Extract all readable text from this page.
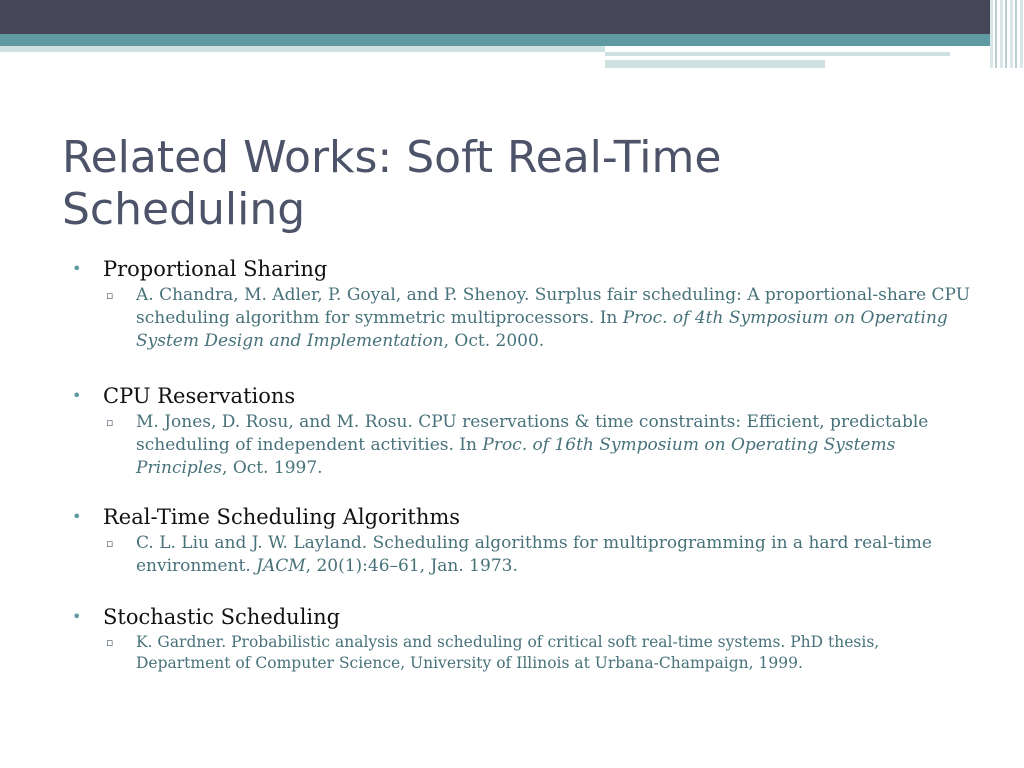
Related Works: Soft Real-Time
Scheduling
• Proportional Sharing
▫ A. Chandra, M. Adler, P. Goyal, and P. Shenoy. Surplus fair scheduling: A proportional-share CPU scheduling algorithm for symmetric multiprocessors. In Proc. of 4th Symposium on Operating System Design and Implementation, Oct. 2000.
• CPU Reservations
▫ M. Jones, D. Rosu, and M. Rosu. CPU reservations & time constraints: Efficient, predictable scheduling of independent activities. In Proc. of 16th Symposium on Operating Systems Principles, Oct. 1997.
• Real-Time Scheduling Algorithms
▫ C. L. Liu and J. W. Layland. Scheduling algorithms for multiprogramming in a hard real-time environment. JACM, 20(1):46–61, Jan. 1973.
• Stochastic Scheduling
▫ K. Gardner. Probabilistic analysis and scheduling of critical soft real-time systems. PhD thesis, Department of Computer Science, University of Illinois at Urbana-Champaign, 1999.
